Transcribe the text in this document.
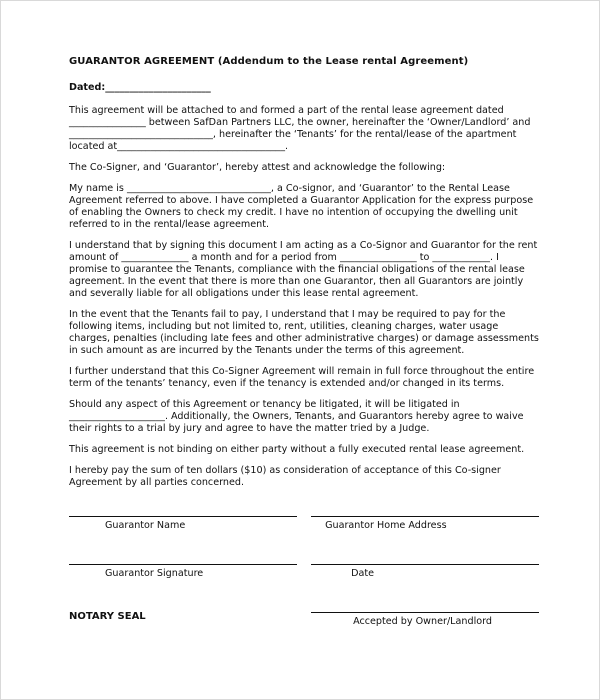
GUARANTOR AGREEMENT (Addendum to the Lease rental Agreement)
Dated:______________________

This agreement will be attached to and formed a part of the rental lease agreement dated ________________ between SafDan Partners LLC, the owner, hereinafter the ‘Owner/Landlord’ and ______________________________, hereinafter the ‘Tenants’ for the rental/lease of the apartment located at___________________________________.

The Co-Signer, and ‘Guarantor’, hereby attest and acknowledge the following:

My name is ______________________________, a Co-signor, and ‘Guarantor’ to the Rental Lease Agreement referred to above. I have completed a Guarantor Application for the express purpose of enabling the Owners to check my credit. I have no intention of occupying the dwelling unit referred to in the rental/lease agreement.

I understand that by signing this document I am acting as a Co-Signor and Guarantor for the rent amount of ______________ a month and for a period from ________________ to ____________. I promise to guarantee the Tenants, compliance with the financial obligations of the rental lease agreement. In the event that there is more than one Guarantor, then all Guarantors are jointly and severally liable for all obligations under this lease rental agreement.

In the event that the Tenants fail to pay, I understand that I may be required to pay for the following items, including but not limited to, rent, utilities, cleaning charges, water usage charges, penalties (including late fees and other administrative charges) or damage assessments in such amount as are incurred by the Tenants under the terms of this agreement.

I further understand that this Co-Signer Agreement will remain in full force throughout the entire term of the tenants’ tenancy, even if the tenancy is extended and/or changed in its terms.

Should any aspect of this Agreement or tenancy be litigated, it will be litigated in ____________________. Additionally, the Owners, Tenants, and Guarantors hereby agree to waive their rights to a trial by jury and agree to have the matter tried by a Judge.

This agreement is not binding on either party without a fully executed rental lease agreement.

I hereby pay the sum of ten dollars ($10) as consideration of acceptance of this Co-signer Agreement by all parties concerned.

Guarantor Name	Guarantor Home Address
Guarantor Signature	Date
NOTARY SEAL	Accepted by Owner/Landlord
